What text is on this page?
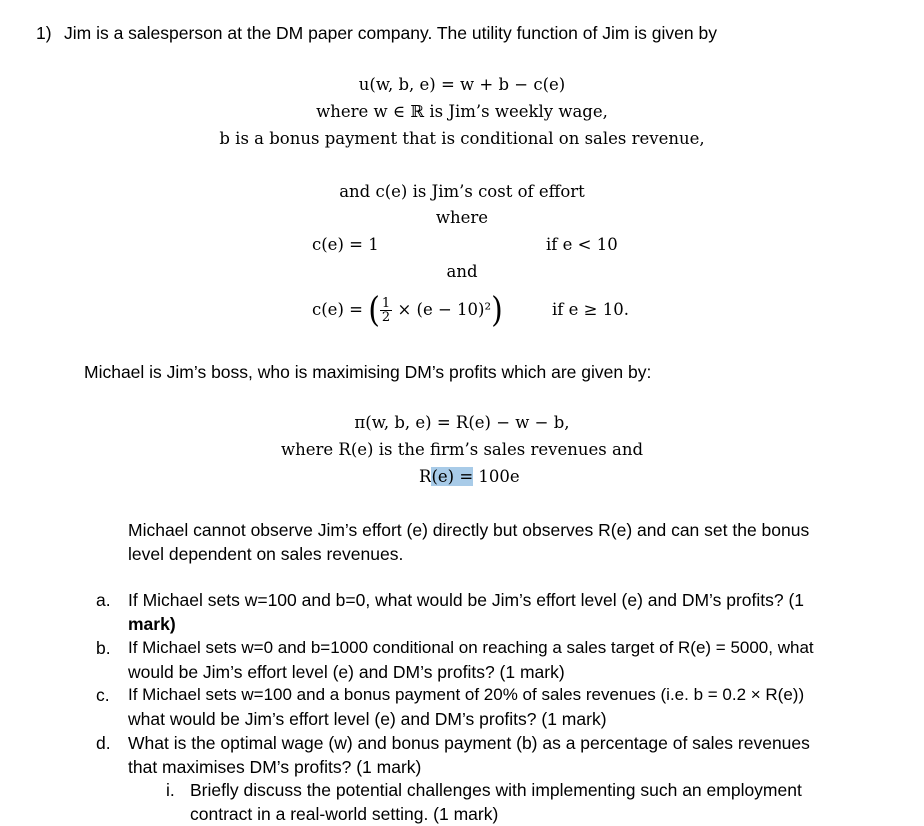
1) Jim is a salesperson at the DM paper company. The utility function of Jim is given by
u(w, b, e) = w + b − c(e)
where w ∈ ℝ is Jim’s weekly wage,
b is a bonus payment that is conditional on sales revenue,
and c(e) is Jim’s cost of effort
where
c(e) = 1	if e < 10
and
c(e) = ( $\frac{1}{2} \times (e - 10)^2$)	if e ≥ 10.
Michael is Jim’s boss, who is maximising DM’s profits which are given by:
π(w, b, e) = R(e) − w − b,
where R(e) is the firm’s sales revenues and
R(e) = 100e
Michael cannot observe Jim’s effort (e) directly but observes R(e) and can set the bonus
level dependent on sales revenues.
a. If Michael sets w=100 and b=0, what would be Jim’s effort level (e) and DM’s profits? (1
mark)
b. If Michael sets w=0 and b=1000 conditional on reaching a sales target of R(e) = 5000, what
would be Jim’s effort level (e) and DM’s profits? (1 mark)
c. If Michael sets w=100 and a bonus payment of 20% of sales revenues (i.e. b = 0.2 × R(e))
what would be Jim’s effort level (e) and DM’s profits? (1 mark)
d. What is the optimal wage (w) and bonus payment (b) as a percentage of sales revenues
that maximises DM’s profits? (1 mark)
i. Briefly discuss the potential challenges with implementing such an employment
contract in a real-world setting. (1 mark)
